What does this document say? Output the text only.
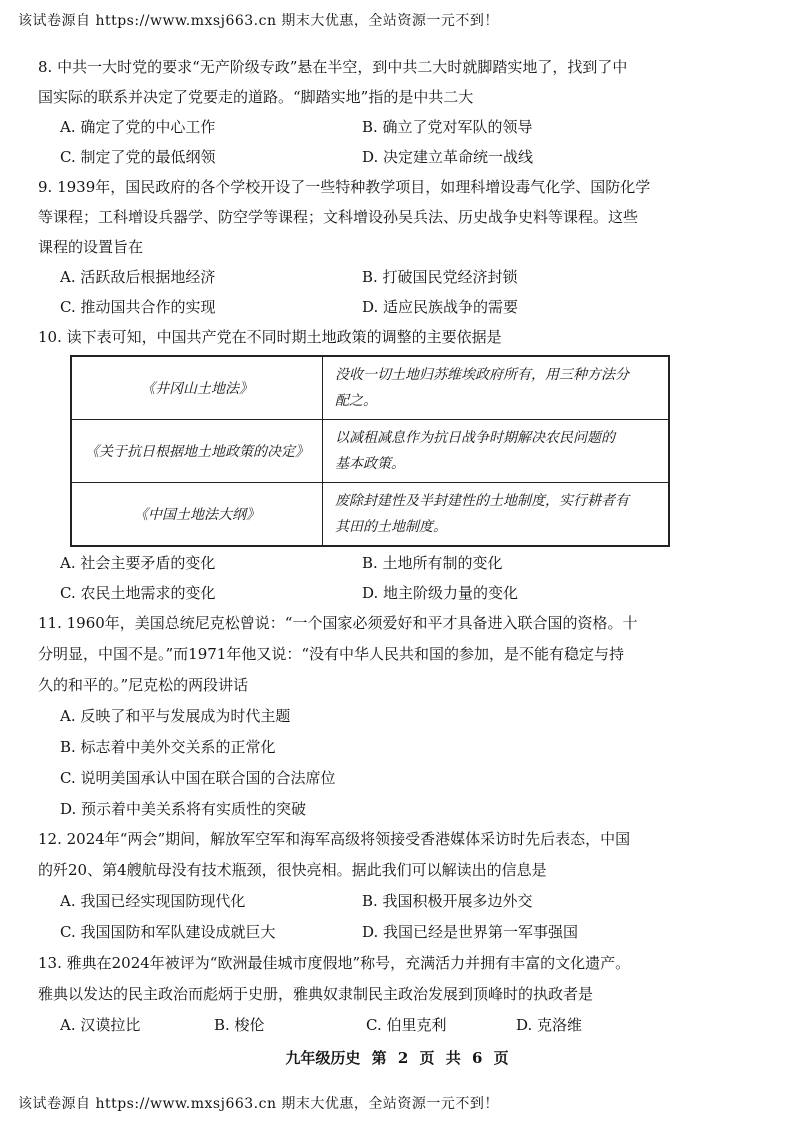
该试卷源自 https://www.mxsj663.cn 期末大优惠，全站资源一元不到！
8. 中共一大时党的要求“无产阶级专政”悬在半空，到中共二大时就脚踏实地了，找到了中
国实际的联系并决定了党要走的道路。“脚踏实地”指的是中共二大
A. 确定了党的中心工作	B. 确立了党对军队的领导
C. 制定了党的最低纲领	D. 决定建立革命统一战线
9. 1939年，国民政府的各个学校开设了一些特种教学项目，如理科增设毒气化学、国防化学
等课程；工科增设兵器学、防空学等课程；文科增设孙吴兵法、历史战争史料等课程。这些
课程的设置旨在
A. 活跃敌后根据地经济	B. 打破国民党经济封锁
C. 推动国共合作的实现	D. 适应民族战争的需要
10. 读下表可知，中国共产党在不同时期土地政策的调整的主要依据是
《井冈山土地法》	没收一切土地归苏维埃政府所有，用三种方法分
配之。

《关于抗日根据地土地政策的决定》	以减租减息作为抗日战争时期解决农民问题的
基本政策。

《中国土地法大纲》	废除封建性及半封建性的土地制度，实行耕者有
其田的土地制度。
A. 社会主要矛盾的变化	B. 土地所有制的变化
C. 农民土地需求的变化	D. 地主阶级力量的变化
11. 1960年，美国总统尼克松曾说：“一个国家必须爱好和平才具备进入联合国的资格。十
分明显，中国不是。”而1971年他又说：“没有中华人民共和国的参加，是不能有稳定与持
久的和平的。”尼克松的两段讲话
A. 反映了和平与发展成为时代主题
B. 标志着中美外交关系的正常化
C. 说明美国承认中国在联合国的合法席位
D. 预示着中美关系将有实质性的突破
12. 2024年“两会”期间，解放军空军和海军高级将领接受香港媒体采访时先后表态，中国
的歼20、第4艘航母没有技术瓶颈，很快亮相。据此我们可以解读出的信息是
A. 我国已经实现国防现代化	B. 我国积极开展多边外交
C. 我国国防和军队建设成就巨大	D. 我国已经是世界第一军事强国
13. 雅典在2024年被评为“欧洲最佳城市度假地”称号，充满活力并拥有丰富的文化遗产。
雅典以发达的民主政治而彪炳于史册，雅典奴隶制民主政治发展到顶峰时的执政者是
A. 汉谟拉比	B. 梭伦	C. 伯里克利	D. 克洛维
九年级历史 第 2 页 共 6 页
该试卷源自 https://www.mxsj663.cn 期末大优惠，全站资源一元不到！
